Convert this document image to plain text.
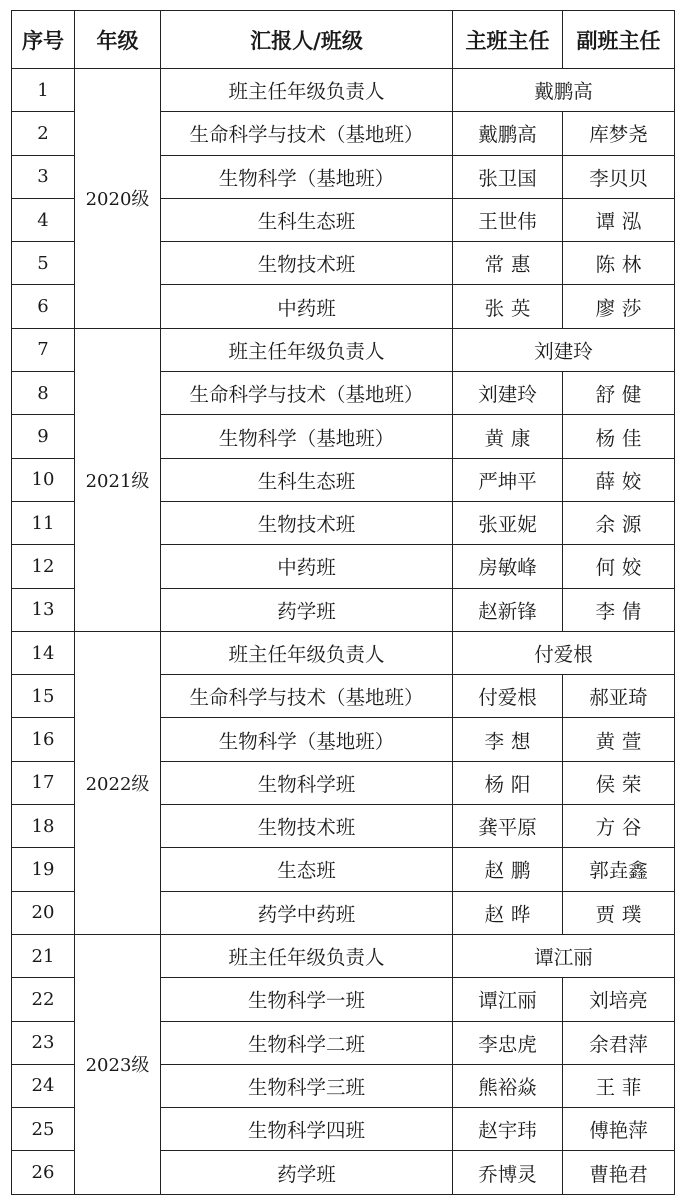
序号	年级	汇报人/班级	主班主任	副班主任
1	2020级	班主任年级负责人	戴鹏高	
2		生命科学与技术（基地班）	戴鹏高	库梦尧
3		生物科学（基地班）	张卫国	李贝贝
4		生科生态班	王世伟	谭泓
5		生物技术班	常惠	陈林
6		中药班	张英	廖莎
7	2021级	班主任年级负责人	刘建玲	
8		生命科学与技术（基地班）	刘建玲	舒健
9		生物科学（基地班）	黄康	杨佳
10		生科生态班	严坤平	薛姣
11		生物技术班	张亚妮	余源
12		中药班	房敏峰	何姣
13		药学班	赵新锋	李倩
14	2022级	班主任年级负责人	付爱根	
15		生命科学与技术（基地班）	付爱根	郝亚琦
16		生物科学（基地班）	李想	黄萱
17		生物科学班	杨阳	侯荣
18		生物技术班	龚平原	方谷
19		生态班	赵鹏	郭垚鑫
20		药学中药班	赵晔	贾璞
21	2023级	班主任年级负责人	谭江丽	
22		生物科学一班	谭江丽	刘培亮
23		生物科学二班	李忠虎	余君萍
24		生物科学三班	熊裕焱	王菲
25		生物科学四班	赵宇玮	傅艳萍
26		药学班	乔博灵	曹艳君
